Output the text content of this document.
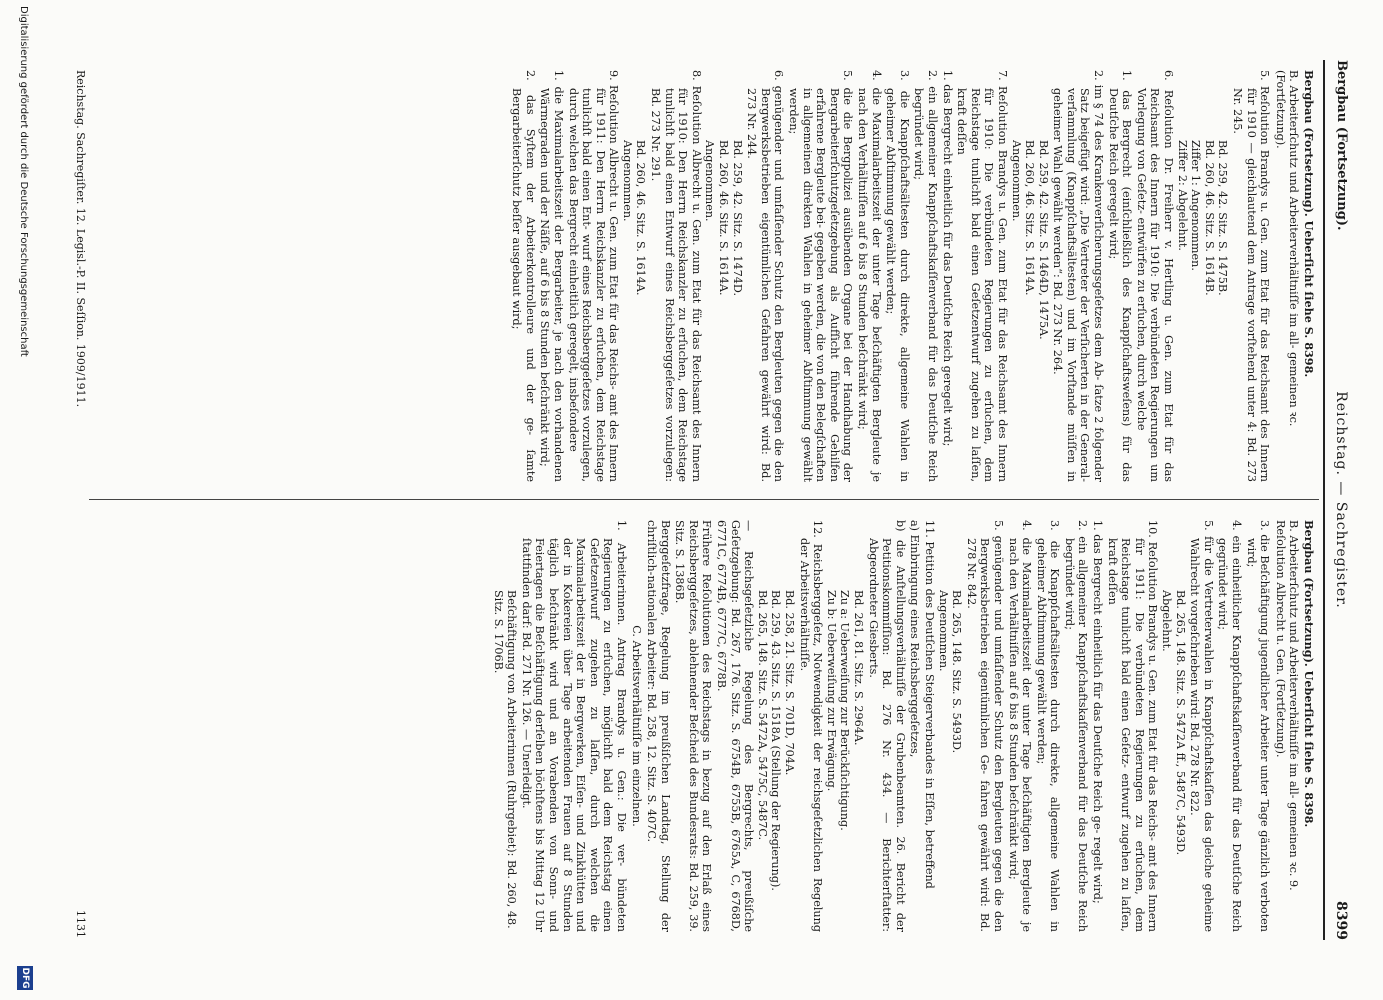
Bergbau (Fortsetzung).
Reichstag. — Sachregister.
8399
Bergbau (Fortsetzung). Ueberſicht ſiehe S. 8398.
B. Arbeiterſchutz und Arbeiterverhältniſſe im all- gemeinen ꝛc. (Fortſetzung).
5. Reſolution Brandys u. Gen. zum Etat für das Reichsamt des Innern für 1910 — gleichlautend dem Antrage vorſtehend unter 4: Bd. 273 Nr. 245.
Bd. 259, 42. Sitz. S. 1475B.
Bd. 260, 46. Sitz. S. 1614B.
Ziffer 1: Angenommen.
Ziffer 2: Abgelehnt.
6. Reſolution Dr. Freiherr v. Hertling u. Gen. zum Etat für das Reichsamt des Innern für 1910: Die verbündeten Regierungen um Vorlegung von Geſetz- entwürfen zu erſuchen, durch welche
1. das Bergrecht (einſchließlich des Knappſchaftsweſens) für das Deutſche Reich geregelt wird;
2. im § 74 des Krankenverſicherungsgeſetzes dem Ab- ſatze 2 folgender Satz beigefügt wird: „Die Vertreter der Verſicherten in der General- verſammlung (Knappſchaftsältesten) und im Vorſtande müſſen in geheimer Wahl gewählt werden“: Bd. 273 Nr. 264.
Bd. 259, 42. Sitz. S. 1464D, 1475A.
Bd. 260, 46. Sitz. S. 1614A.
Angenommen.
7. Reſolution Brandys u. Gen. zum Etat für das Reichsamt des Innern für 1910: Die verbündeten Regierungen zu erſuchen, dem Reichstage tunlichſt bald einen Geſetzentwurf zugehen zu laſſen, kraft deſſen
1. das Bergrecht einheitlich für das Deutſche Reich geregelt wird;
2. ein allgemeiner Knappſchaftskaſſenverband für das Deutſche Reich begründet wird;
3. die Knappſchaftsältesten durch direkte, allgemeine Wahlen in geheimer Abſtimmung gewählt werden;
4. die Maximalarbeitszeit der unter Tage beſchäftigten Bergleute je nach den Verhältniſſen auf 6 bis 8 Stunden beſchränkt wird;
5. die die Bergpolizei ausübenden Organe bei der Handhabung der Bergarbeiterſchutzgeſetzgebung als Aufſicht führende Gehilfen erfahrene Bergleute bei- gegeben werden, die von den Belegſchaften in allgemeinen direkten Wahlen in geheimer Abſtimmung gewählt werden;
6. genügender und umfaſſender Schutz den Bergleuten gegen die den Bergwerksbetrieben eigentümlichen Gefahren gewährt wird: Bd. 273 Nr. 244.
Bd. 259, 42. Sitz. S. 1474D.
Bd. 260, 46. Sitz. S. 1614A.
Angenommen.
8. Reſolution Albrecht u. Gen. zum Etat für das Reichsamt des Innern für 1910: Den Herrn Reichskanzler zu erſuchen, dem Reichstage tunlichſt bald einen Entwurf eines Reichsberggeſetzes vorzulegen: Bd. 273 Nr. 291.
Bd. 260, 46. Sitz. S. 1614A.
Angenommen.
9. Reſolution Albrecht u. Gen. zum Etat für das Reichs- amt des Innern für 1911: Den Herrn Reichskanzler zu erſuchen, dem Reichstage tunlichſt bald einen Ent- wurf eines Reichsberggeſetzes vorzulegen, durch welchen das Bergrecht einheitlich geregelt, insbeſondere
1. die Maximalarbeitszeit der Bergarbeiter, je nach den vorhandenen Wärmegraden und der Näſſe, auf 6 bis 8 Stunden beſchränkt wird;
2. das Syſtem der Arbeiterkontrolleure und der ge- ſamte Bergarbeiterſchutz beſſer ausgebaut wird;
Bergbau (Fortsetzung). Ueberſicht ſiehe S. 8398.
B. Arbeiterſchutz und Arbeiterverhältniſſe im all- gemeinen ꝛc. 9. Reſolution Albrecht u. Gen. (Fortſetzung).
3. die Beſchäftigung jugendlicher Arbeiter unter Tage gänzlich verboten wird;
4. ein einheitlicher Knappſchaftskaſſenverband für das Deutſche Reich gegründet wird;
5. für die Vertreterwahlen in Knappſchaftskaſſen das gleiche geheime Wahlrecht vorgeſchrieben wird: Bd. 278 Nr. 822.
Bd. 265, 148. Sitz. S. 5472A ff., 5487C, 5493D.
Abgelehnt.
10. Reſolution Brandys u. Gen. zum Etat für das Reichs- amt des Innern für 1911: Die verbündeten Regierungen zu erſuchen, dem Reichstage tunlichſt bald einen Geſetz- entwurf zugehen zu laſſen, kraft deſſen
1. das Bergrecht einheitlich für das Deutſche Reich ge- regelt wird;
2. ein allgemeiner Knappſchaftskaſſenverband für das Deutſche Reich begründet wird;
3. die Knappſchaftsältesten durch direkte, allgemeine Wahlen in geheimer Abſtimmung gewählt werden;
4. die Maximalarbeitszeit der unter Tage beſchäftigten Bergleute je nach den Verhältniſſen auf 6 bis 8 Stunden beſchränkt wird;
5. genügender und umfaſſender Schutz den Bergleuten gegen die den Bergwerksbetrieben eigentümlichen Ge- fahren gewährt wird: Bd. 278 Nr. 842.
Bd. 265, 148. Sitz. S. 5493D.
Angenommen.
11. Petition des Deutſchen Steigerverbandes in Eſſen, betreffend
a) Einbringung eines Reichsberggeſetzes,
b) die Anſtellungsverhältniſſe der Grubenbeamten. 26. Bericht der Petitionskommiſſion: Bd. 276 Nr. 434. — Berichterſtatter: Abgeordneter Giesberts.
Bd. 261, 81. Sitz. S. 2964A.
Zu a: Ueberweiſung zur Berückſichtigung.
Zu b: Ueberweiſung zur Erwägung.
12. Reichsberggeſetz, Notwendigkeit der reichsgeſetzlichen Regelung der Arbeitsverhältniſſe.
Bd. 258, 21. Sitz. S. 701D, 704A.
Bd. 259, 43. Sitz. S. 1518A (Stellung der Regierung).
Bd. 265, 148. Sitz. S. 5472A, 5475C, 5487C.
— Reichsgeſetzliche Regelung des Bergrechts, preußiſche Geſetzgebung: Bd. 267, 176. Sitz. S. 6754B, 6755B, 6765A, C, 6768D, 6771C, 6774B, 6777C, 6778B.
Frühere Reſolutionen des Reichstags in bezug auf den Erlaß eines Reichsberggeſetzes, ablehnender Beſcheid des Bundesrats: Bd. 259, 39. Sitz. S. 1386B.
Berggeſetzfrage, Regelung im preußiſchen Landtag, Stellung der chriſtlich-nationalen Arbeiter: Bd. 258, 12. Sitz. S. 407C.
C. Arbeitsverhältniſſe im einzelnen.
1. Arbeiterinnen. Antrag Brandys u. Gen.: Die ver- bündeten Regierungen zu erſuchen, möglichſt bald dem Reichstag einen Geſetzentwurf zugehen zu laſſen, durch welchen die Maximalarbeitszeit der in Bergwerken, Eiſen- und Zinkhütten und der in Kokereien über Tage arbeitenden Frauen auf 8 Stunden täglich beſchränkt wird und an Vorabenden von Sonn- und Feiertagen die Beſchäftigung derſelben höchſtens bis Mittag 12 Uhr ſtattfinden darf: Bd. 271 Nr. 126. — Unerledigt.
Beſchäftigung von Arbeiterinnen (Ruhrgebiet): Bd. 260, 48. Sitz. S. 1706B.
Reichstag. Sachregiſter. 12. Legisl.-P. II. Seſſion. 1909/1911.
1131
Digitalisierung gefördert durch die Deutsche Forschungsgemeinschaft
DFG
